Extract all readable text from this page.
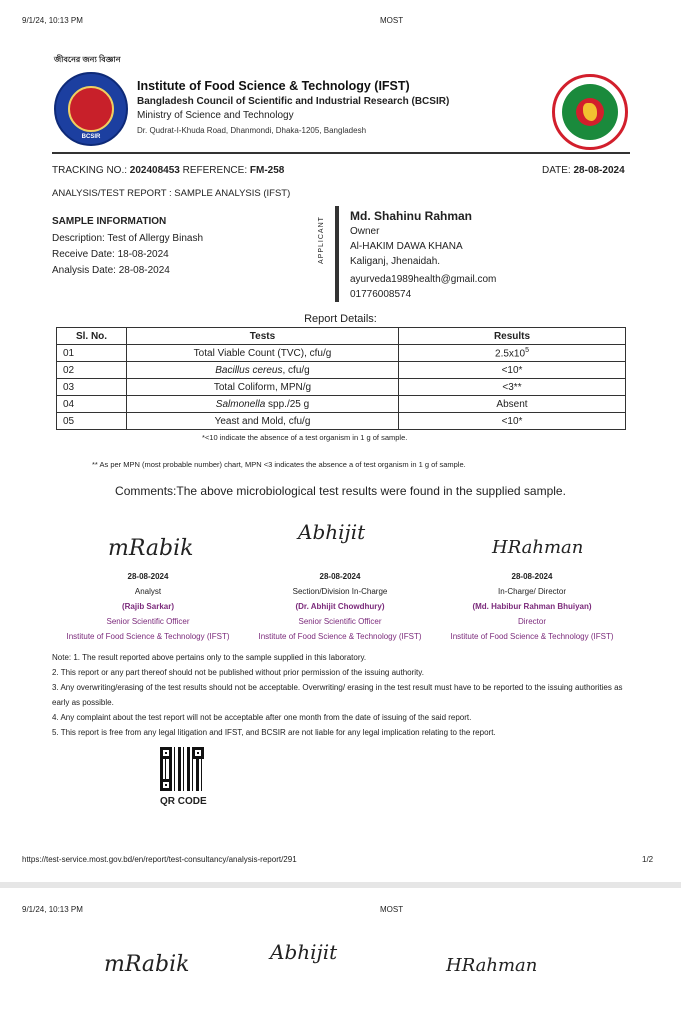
9/1/24, 10:13 PM	MOST
জীবনের জন্য বিজ্ঞান
BCSIR
Institute of Food Science & Technology (IFST)
Bangladesh Council of Scientific and Industrial Research (BCSIR)
Ministry of Science and Technology
Dr. Qudrat-I-Khuda Road, Dhanmondi, Dhaka-1205, Bangladesh
TRACKING NO.: 202408453 REFERENCE: FM-258	DATE: 28-08-2024
ANALYSIS/TEST REPORT : SAMPLE ANALYSIS (IFST)
SAMPLE INFORMATION
Description: Test of Allergy Binash
Receive Date: 18-08-2024
Analysis Date: 28-08-2024
APPLICANT
Md. Shahinu Rahman
Owner
Al-HAKIM DAWA KHANA
Kaliganj, Jhenaidah.
ayurveda1989health@gmail.com
01776008574
Report Details:
Sl. No.	Tests	Results
01	Total Viable Count (TVC), cfu/g	$2.5x10^5$
02	Bacillus cereus, cfu/g	<10*
03	Total Coliform, MPN/g	<3**
04	Salmonella spp./25 g	Absent
05	Yeast and Mold, cfu/g	<10*
*<10 indicate the absence of a test organism in 1 g of sample.
** As per MPN (most probable number) chart, MPN <3 indicates the absence a of test organism in 1 g of sample.
Comments:The above microbiological test results were found in the supplied sample.
mRabik
Abhijit
HRahman
28-08-2024
Analyst
(Rajib Sarkar)
Senior Scientific Officer
Institute of Food Science & Technology (IFST)
28-08-2024
Section/Division In-Charge
(Dr. Abhijit Chowdhury)
Senior Scientific Officer
Institute of Food Science & Technology (IFST)
28-08-2024
In-Charge/ Director
(Md. Habibur Rahman Bhuiyan)
Director
Institute of Food Science & Technology (IFST)
Note: 1. The result reported above pertains only to the sample supplied in this laboratory.
2. This report or any part thereof should not be published without prior permission of the issuing authority.
3. Any overwriting/erasing of the test results should not be acceptable. Overwriting/ erasing in the test result must have to be reported to the issuing authorities as early as possible.
4. Any complaint about the test report will not be acceptable after one month from the date of issuing of the said report.
5. This report is free from any legal litigation and IFST, and BCSIR are not liable for any legal implication relating to the report.
QR CODE
https://test-service.most.gov.bd/en/report/test-consultancy/analysis-report/291	1/2
9/1/24, 10:13 PM	MOST
mRabik	Abhijit
HRahman
